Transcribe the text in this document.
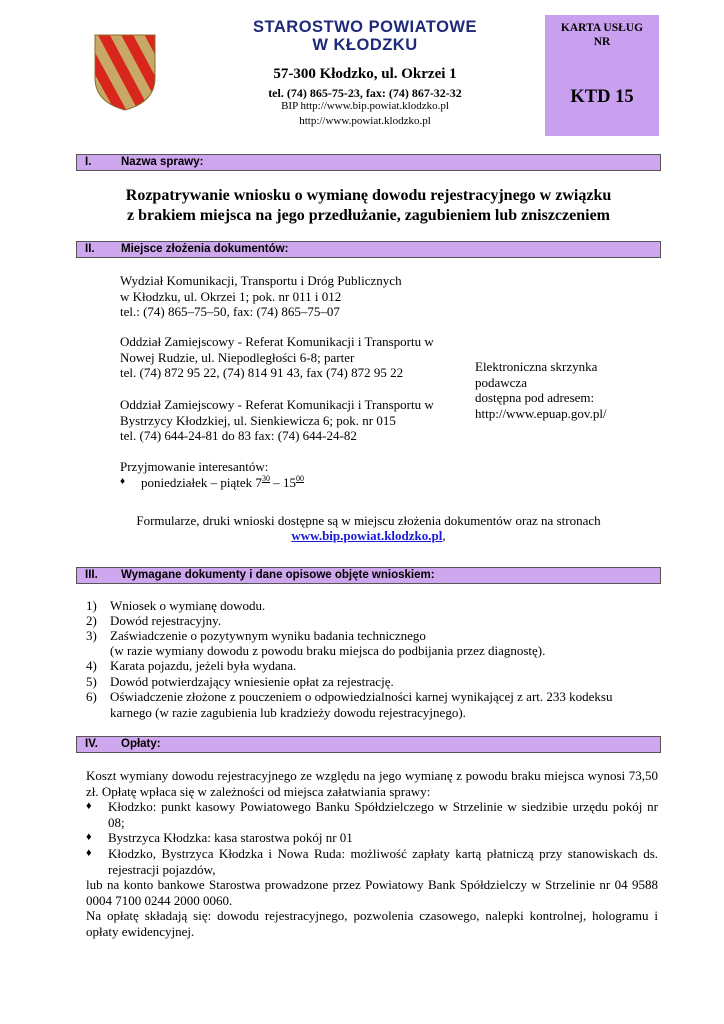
STAROSTWO POWIATOWE
W KŁODZKU
57-300 Kłodzko, ul. Okrzei 1
tel. (74) 865-75-23, fax: (74) 867-32-32
BIP http://www.bip.powiat.klodzko.pl
http://www.powiat.klodzko.pl
KARTA USŁUG
NR
KTD 15
I.	Nazwa sprawy:
Rozpatrywanie wniosku o wymianę dowodu rejestracyjnego w związku
z brakiem miejsca na jego przedłużanie, zagubieniem lub zniszczeniem
II. Miejsce złożenia dokumentów:
Wydział Komunikacji, Transportu i Dróg Publicznych
w Kłodzku, ul. Okrzei 1; pok. nr 011 i 012
tel.: (74) 865–75–50, fax: (74) 865–75–07
Oddział Zamiejscowy - Referat Komunikacji i Transportu w
Nowej Rudzie, ul. Niepodległości 6-8; parter
tel. (74) 872 95 22, (74) 814 91 43, fax (74) 872 95 22	Elektroniczna skrzynka
podawcza
dostępna pod adresem:
http://www.epuap.gov.pl/
Oddział Zamiejscowy - Referat Komunikacji i Transportu w
Bystrzycy Kłodzkiej, ul. Sienkiewicza 6; pok. nr 015
tel. (74) 644-24-81 do 83 fax: (74) 644-24-82
Przyjmowanie interesantów:
♦ poniedziałek – piątek $7^{30} - 15^{00}$
Formularze, druki wnioski dostępne są w miejscu złożenia dokumentów oraz na stronach
www.bip.powiat.klodzko.pl,
III. Wymagane dokumenty i dane opisowe objęte wnioskiem:
1) Wniosek o wymianę dowodu.
2) Dowód rejestracyjny.
3) Zaświadczenie o pozytywnym wyniku badania technicznego
(w razie wymiany dowodu z powodu braku miejsca do podbijania przez diagnostę).
4) Karata pojazdu, jeżeli była wydana.
5) Dowód potwierdzający wniesienie opłat za rejestrację.
6) Oświadczenie złożone z pouczeniem o odpowiedzialności karnej wynikającej z art. 233 kodeksu
karnego (w razie zagubienia lub kradzieży dowodu rejestracyjnego).
IV. Opłaty:
Koszt wymiany dowodu rejestracyjnego ze względu na jego wymianę z powodu braku miejsca wynosi 73,50 zł. Opłatę wpłaca się w zależności od miejsca załatwiania sprawy:
♦ Kłodzko: punkt kasowy Powiatowego Banku Spółdzielczego w Strzelinie w siedzibie urzędu pokój nr 08;
♦ Bystrzyca Kłodzka: kasa starostwa pokój nr 01
♦ Kłodzko, Bystrzyca Kłodzka i Nowa Ruda: możliwość zapłaty kartą płatniczą przy stanowiskach ds. rejestracji pojazdów,
lub na konto bankowe Starostwa prowadzone przez Powiatowy Bank Spółdzielczy w Strzelinie nr 04 9588 0004 7100 0244 2000 0060.
Na opłatę składają się: dowodu rejestracyjnego, pozwolenia czasowego, nalepki kontrolnej, hologramu i opłaty ewidencyjnej.
